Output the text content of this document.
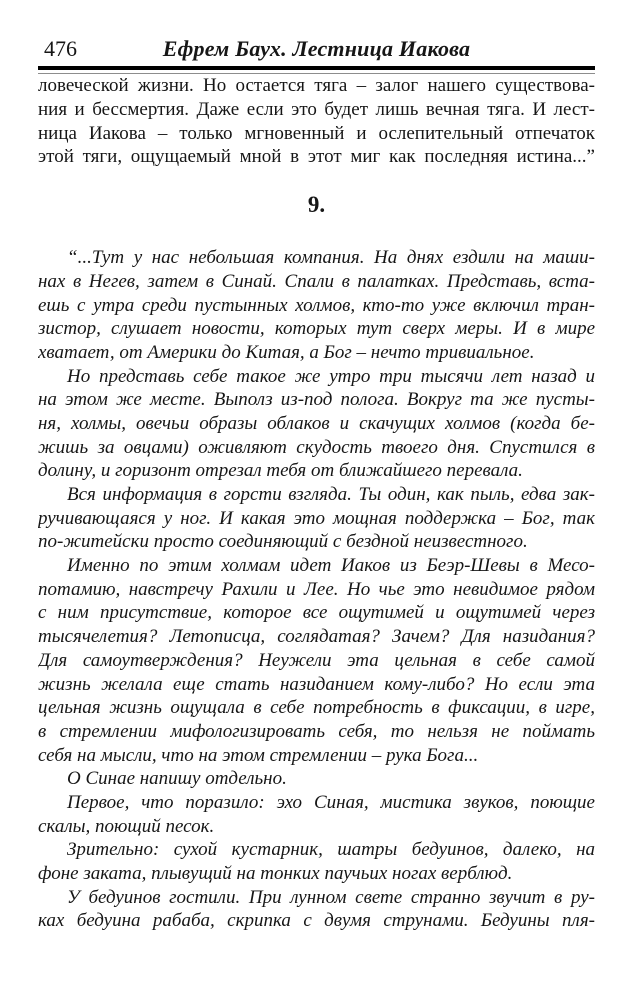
476	Ефрем Баух. Лестница Иакова
ловеческой жизни. Но остается тяга – залог нашего существова-
ния и бессмертия. Даже если это будет лишь вечная тяга. И лест-
ница Иакова – только мгновенный и ослепительный отпечаток
этой тяги, ощущаемый мной в этот миг как последняя истина...”
9.
“...Тут у нас небольшая компания. На днях ездили на маши-
нах в Негев, затем в Синай. Спали в палатках. Представь, вста-
ешь с утра среди пустынных холмов, кто-то уже включил тран-
зистор, слушает новости, которых тут сверх меры. И в мире
хватает, от Америки до Китая, а Бог – нечто тривиальное.
Но представь себе такое же утро три тысячи лет назад и
на этом же месте. Выполз из-под полога. Вокруг та же пусты-
ня, холмы, овечьи образы облаков и скачущих холмов (когда бе-
жишь за овцами) оживляют скудость твоего дня. Спустился в
долину, и горизонт отрезал тебя от ближайшего перевала.
Вся информация в горсти взгляда. Ты один, как пыль, едва зак-
ручивающаяся у ног. И какая это мощная поддержка – Бог, так
по-житейски просто соединяющий с бездной неизвестного.
Именно по этим холмам идет Иаков из Беэр-Шевы в Месо-
потамию, навстречу Рахили и Лее. Но чье это невидимое рядом
с ним присутствие, которое все ощутимей и ощутимей через
тысячелетия? Летописца, соглядатая? Зачем? Для назидания?
Для самоутверждения? Неужели эта цельная в себе самой
жизнь желала еще стать назиданием кому-либо? Но если эта
цельная жизнь ощущала в себе потребность в фиксации, в игре,
в стремлении мифологизировать себя, то нельзя не поймать
себя на мысли, что на этом стремлении – рука Бога...
О Синае напишу отдельно.
Первое, что поразило: эхо Синая, мистика звуков, поющие
скалы, поющий песок.
Зрительно: сухой кустарник, шатры бедуинов, далеко, на
фоне заката, плывущий на тонких паучьих ногах верблюд.
У бедуинов гостили. При лунном свете странно звучит в ру-
ках бедуина рабаба, скрипка с двумя струнами. Бедуины пля-
